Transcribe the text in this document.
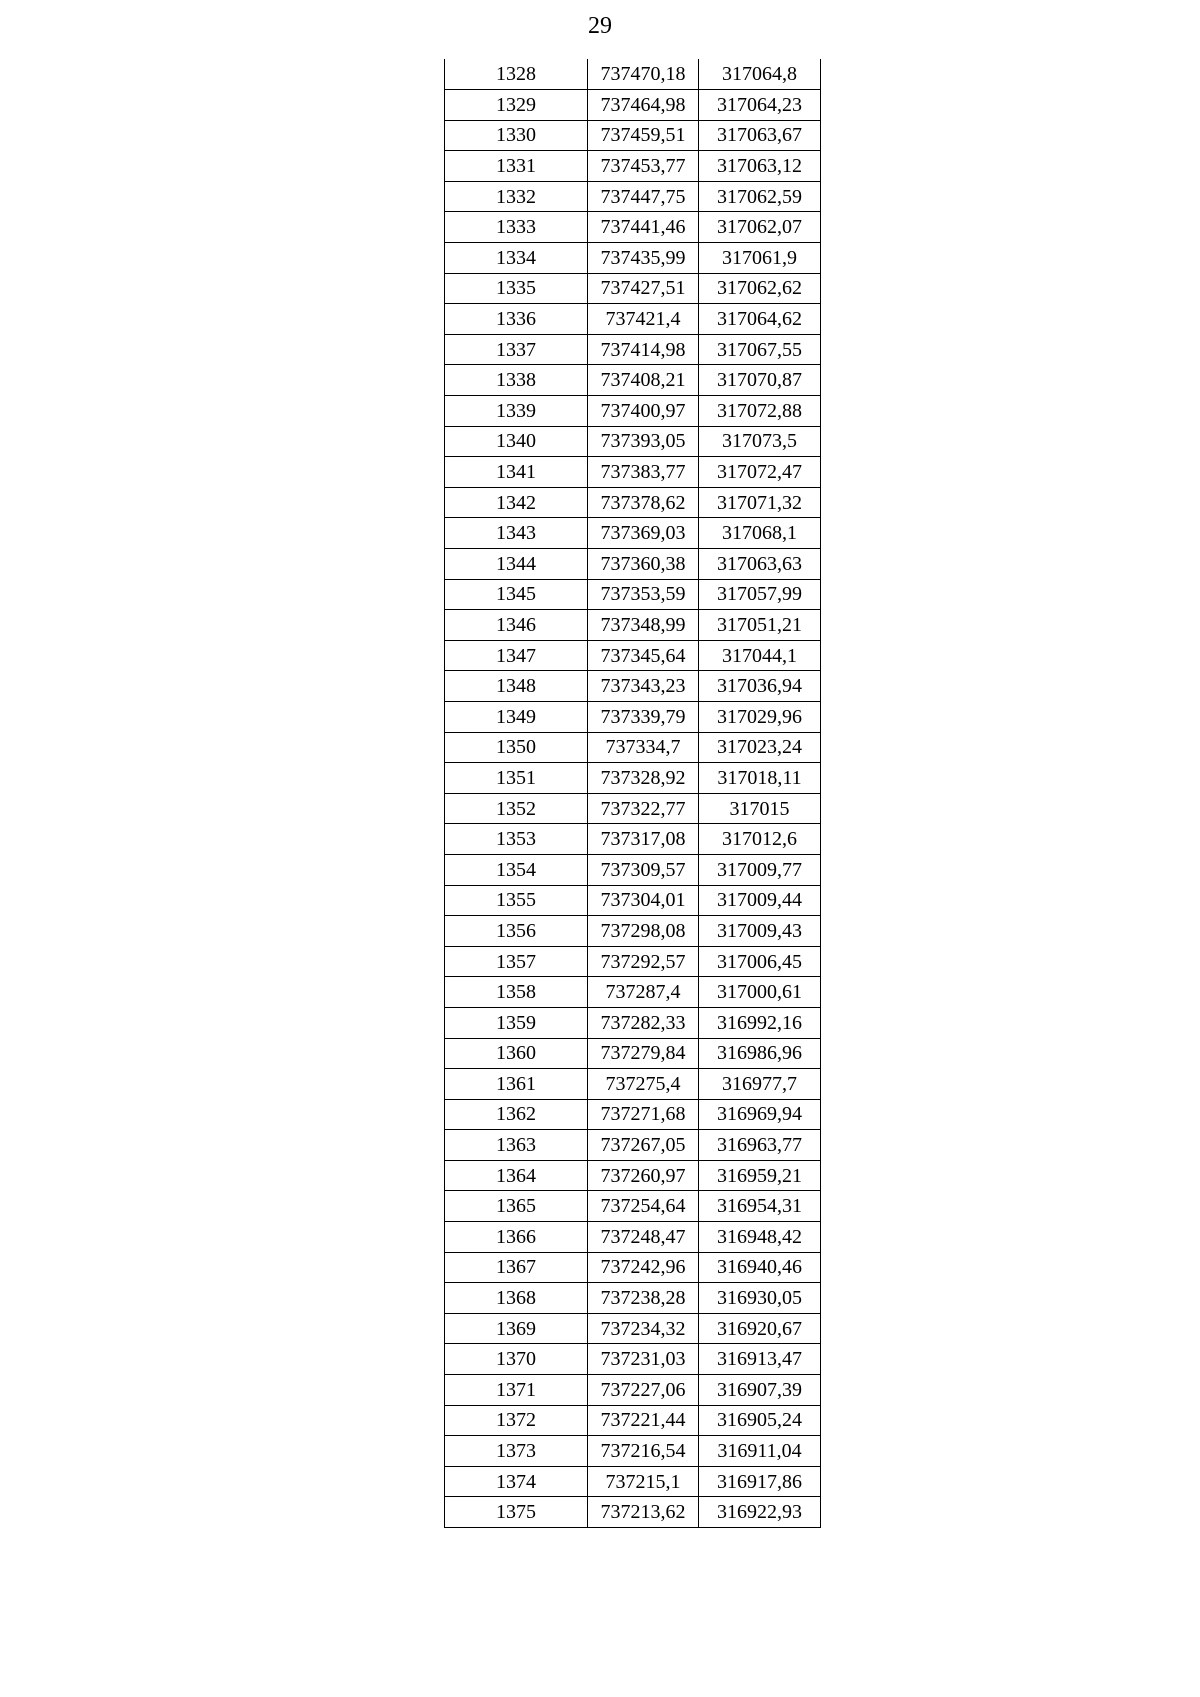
29
1328	737470,18	317064,8
1329	737464,98	317064,23
1330	737459,51	317063,67
1331	737453,77	317063,12
1332	737447,75	317062,59
1333	737441,46	317062,07
1334	737435,99	317061,9
1335	737427,51	317062,62
1336	737421,4	317064,62
1337	737414,98	317067,55
1338	737408,21	317070,87
1339	737400,97	317072,88
1340	737393,05	317073,5
1341	737383,77	317072,47
1342	737378,62	317071,32
1343	737369,03	317068,1
1344	737360,38	317063,63
1345	737353,59	317057,99
1346	737348,99	317051,21
1347	737345,64	317044,1
1348	737343,23	317036,94
1349	737339,79	317029,96
1350	737334,7	317023,24
1351	737328,92	317018,11
1352	737322,77	317015
1353	737317,08	317012,6
1354	737309,57	317009,77
1355	737304,01	317009,44
1356	737298,08	317009,43
1357	737292,57	317006,45
1358	737287,4	317000,61
1359	737282,33	316992,16
1360	737279,84	316986,96
1361	737275,4	316977,7
1362	737271,68	316969,94
1363	737267,05	316963,77
1364	737260,97	316959,21
1365	737254,64	316954,31
1366	737248,47	316948,42
1367	737242,96	316940,46
1368	737238,28	316930,05
1369	737234,32	316920,67
1370	737231,03	316913,47
1371	737227,06	316907,39
1372	737221,44	316905,24
1373	737216,54	316911,04
1374	737215,1	316917,86
1375	737213,62	316922,93
